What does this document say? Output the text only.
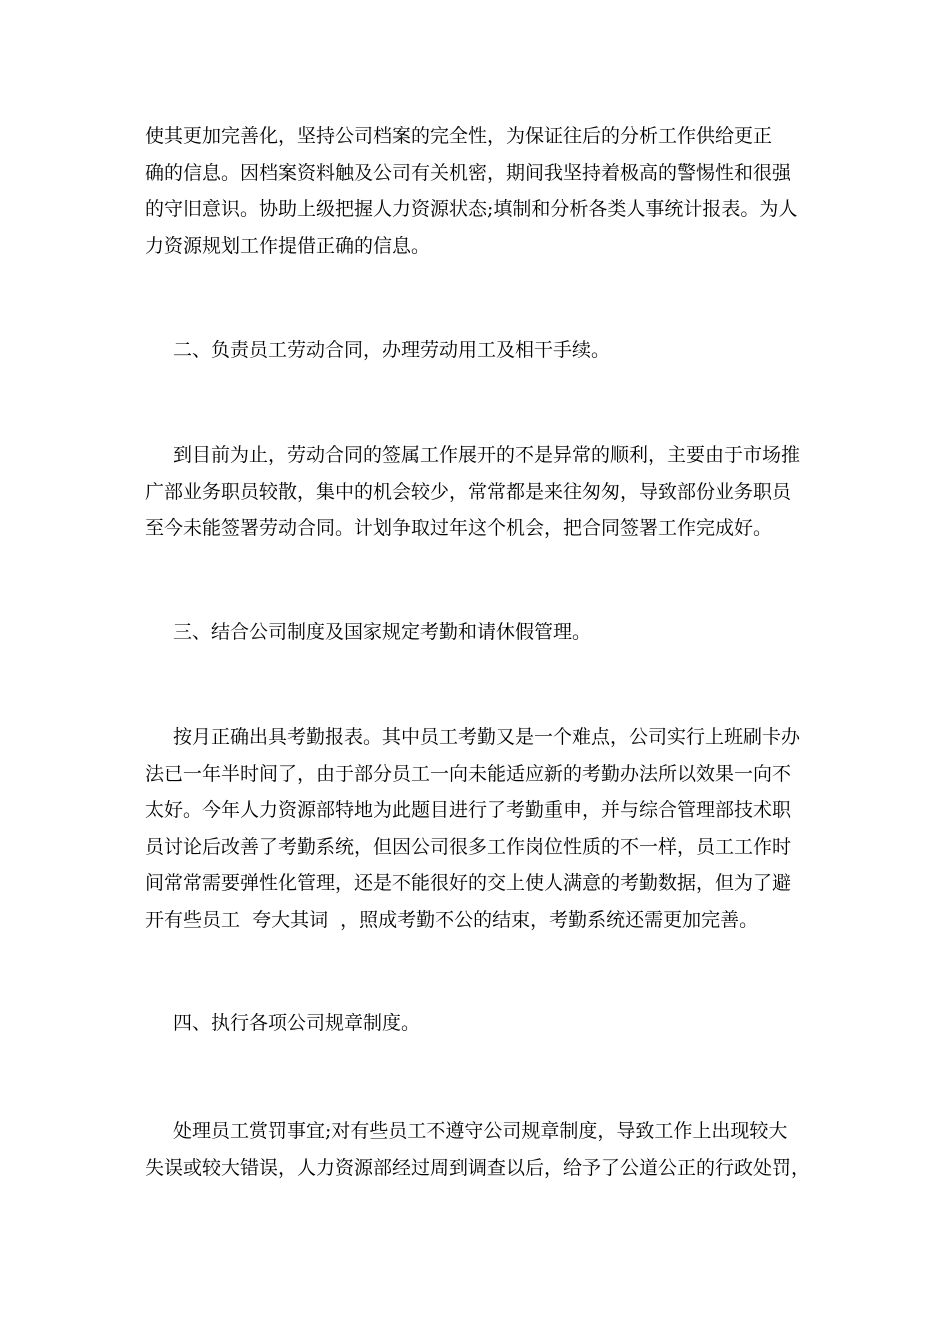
使其更加完善化，坚持公司档案的完全性，为保证往后的分析工作供给更正
确的信息。因档案资料触及公司有关机密，期间我坚持着极高的警惕性和很强
的守旧意识。协助上级把握人力资源状态;填制和分析各类人事统计报表。为人
力资源规划工作提借正确的信息。
二、负责员工劳动合同，办理劳动用工及相干手续。
到目前为止，劳动合同的签属工作展开的不是异常的顺利，主要由于市场推
广部业务职员较散，集中的机会较少，常常都是来往匆匆，导致部份业务职员
至今未能签署劳动合同。计划争取过年这个机会，把合同签署工作完成好。
三、结合公司制度及国家规定考勤和请休假管理。
按月正确出具考勤报表。其中员工考勤又是一个难点，公司实行上班刷卡办
法已一年半时间了，由于部分员工一向未能适应新的考勤办法所以效果一向不
太好。今年人力资源部特地为此题目进行了考勤重申，并与综合管理部技术职
员讨论后改善了考勤系统，但因公司很多工作岗位性质的不一样，员工工作时
间常常需要弹性化管理，还是不能很好的交上使人满意的考勤数据，但为了避
开有些员工  夸大其词  ，照成考勤不公的结束，考勤系统还需更加完善。
四、执行各项公司规章制度。
处理员工赏罚事宜;对有些员工不遵守公司规章制度，导致工作上出现较大
失误或较大错误，人力资源部经过周到调查以后，给予了公道公正的行政处罚，
